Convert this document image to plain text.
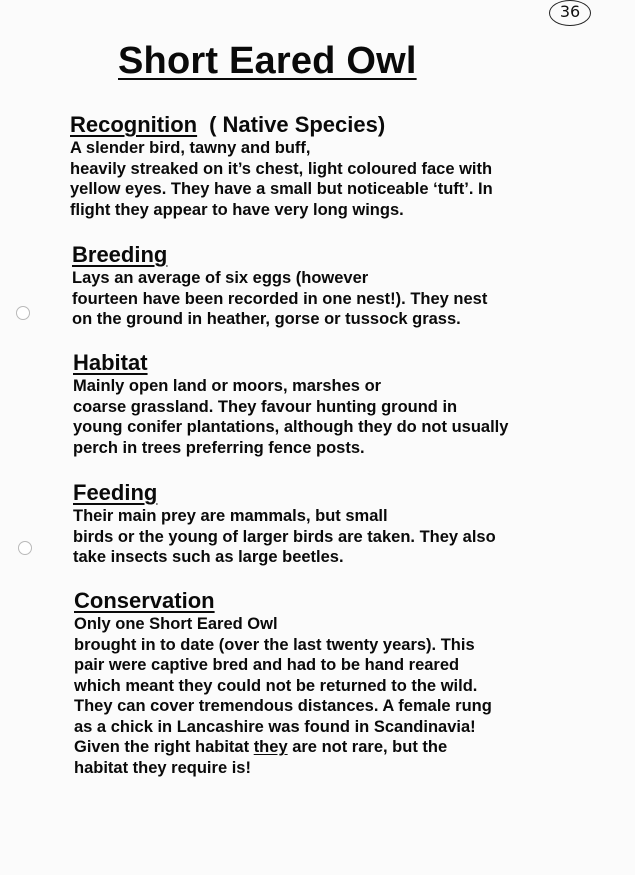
36
Short Eared Owl
Recognition ( Native Species)
A slender bird, tawny and buff,
heavily streaked on it’s chest, light coloured face with
yellow eyes. They have a small but noticeable ‘tuft’. In
flight they appear to have very long wings.
Breeding
Lays an average of six eggs (however
fourteen have been recorded in one nest!). They nest
on the ground in heather, gorse or tussock grass.
Habitat
Mainly open land or moors, marshes or
coarse grassland. They favour hunting ground in
young conifer plantations, although they do not usually
perch in trees preferring fence posts.
Feeding
Their main prey are mammals, but small
birds or the young of larger birds are taken. They also
take insects such as large beetles.
Conservation
Only one Short Eared Owl
brought in to date (over the last twenty years). This
pair were captive bred and had to be hand reared
which meant they could not be returned to the wild.
They can cover tremendous distances. A female rung
as a chick in Lancashire was found in Scandinavia!
Given the right habitat they are not rare, but the
habitat they require is!
